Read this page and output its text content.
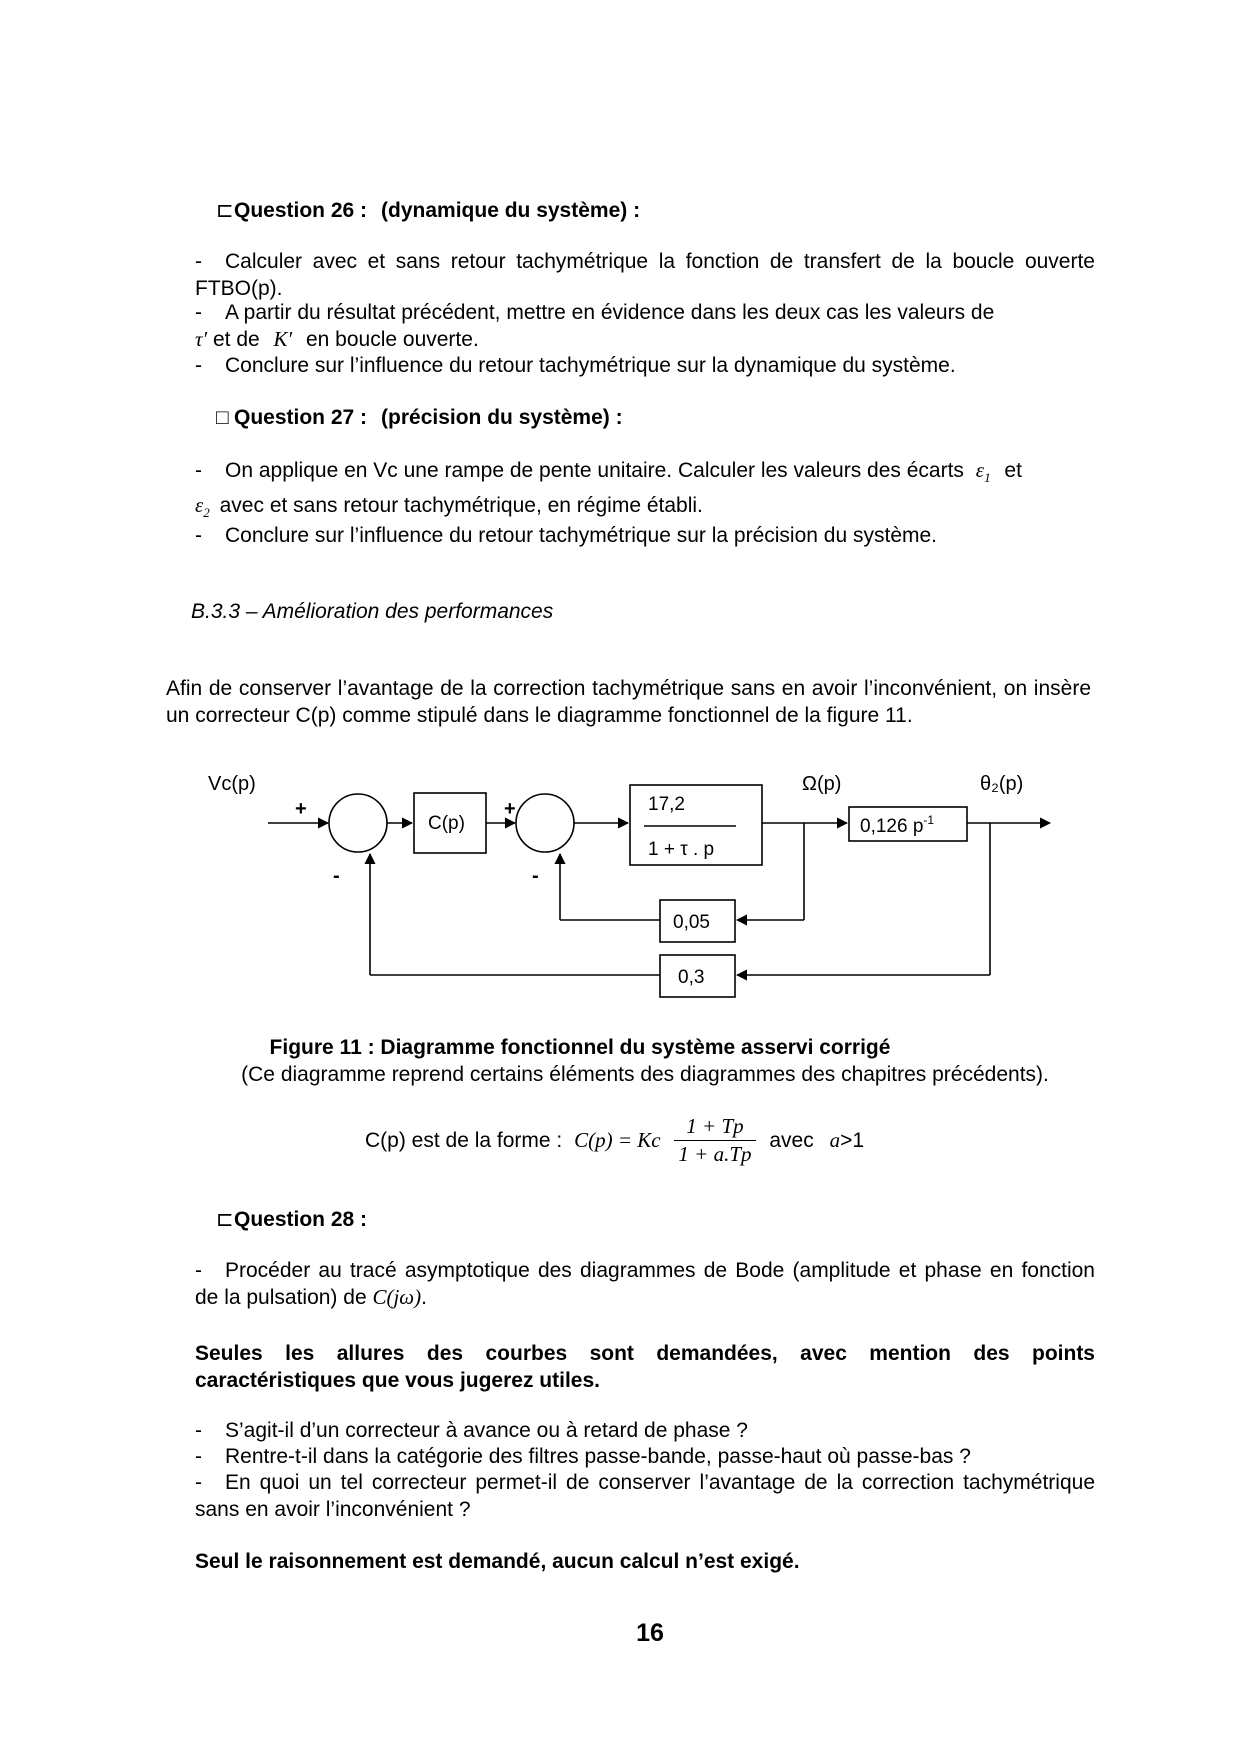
⊏Question 26 : (dynamique du système) :
- Calculer avec et sans retour tachymétrique la fonction de transfert de la boucle ouverte FTBO(p).
- A partir du résultat précédent, mettre en évidence dans les deux cas les valeurs de
τ′ et de K′ en boucle ouverte.
- Conclure sur l’influence du retour tachymétrique sur la dynamique du système.
□ Question 27 : (précision du système) :
- On applique en Vc une rampe de pente unitaire. Calculer les valeurs des écarts $\varepsilon_1$ et
$\varepsilon_2$ avec et sans retour tachymétrique, en régime établi.
- Conclure sur l’influence du retour tachymétrique sur la précision du système.
B.3.3 – Amélioration des performances
Afin de conserver l’avantage de la correction tachymétrique sans en avoir l’inconvénient, on insère un correcteur C(p) comme stipulé dans le diagramme fonctionnel de la figure 11.
Vc(p)
+
-
C(p)
+
-
17,2
1 + τ . p
Ω(p)	θ₂(p)
0,126 $p^{-1}$
0,05
0,3
Figure 11 : Diagramme fonctionnel du système asservi corrigé
(Ce diagramme reprend certains éléments des diagrammes des chapitres précédents).
C(p) est de la forme : C(p) = Kc $\frac{1 + Tp}{1 + a.Tp}$ avec a>1
⊏Question 28 :
- Procéder au tracé asymptotique des diagrammes de Bode (amplitude et phase en fonction de la pulsation) de C(jω).
Seules les allures des courbes sont demandées, avec mention des points caractéristiques que vous jugerez utiles.
- S’agit-il d’un correcteur à avance ou à retard de phase ?
- Rentre-t-il dans la catégorie des filtres passe-bande, passe-haut où passe-bas ?
- En quoi un tel correcteur permet-il de conserver l’avantage de la correction tachymétrique sans en avoir l’inconvénient ?
Seul le raisonnement est demandé, aucun calcul n’est exigé.
16
